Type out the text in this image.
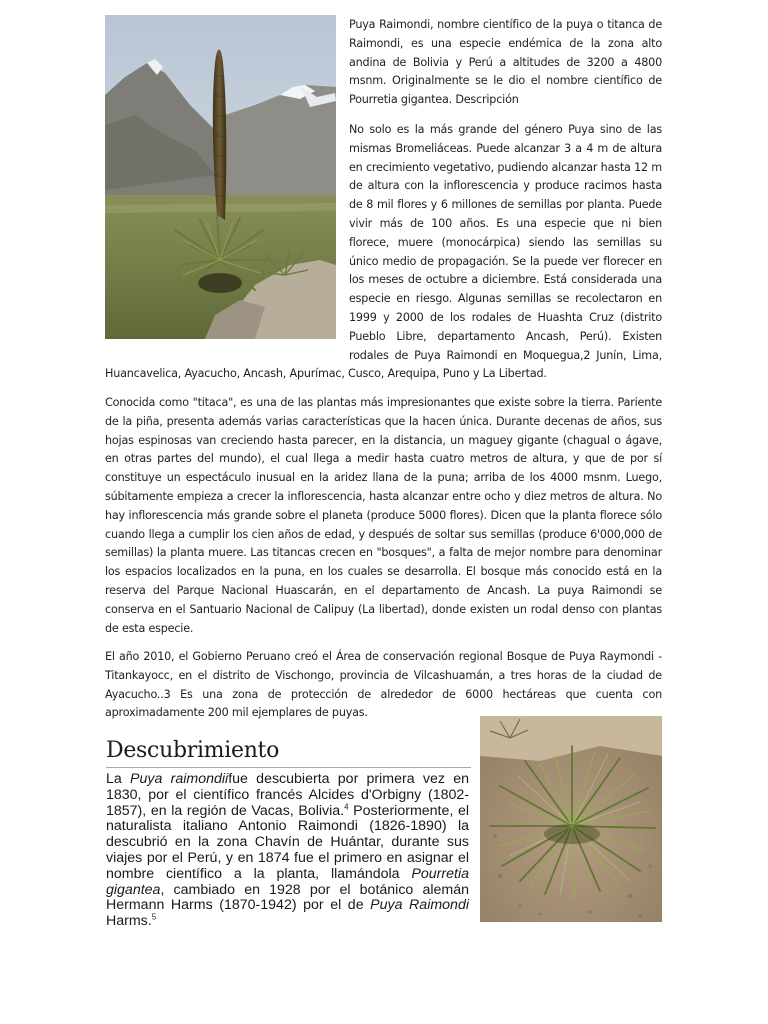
Puya Raimondi, nombre científico de la puya o titanca de Raimondi, es una especie endémica de la zona alto andina de Bolivia y Perú a altitudes de 3200 a 4800 msnm. Originalmente se le dio el nombre científico de Pourretia gigantea. Descripción

No solo es la más grande del género Puya sino de las mismas Bromeliáceas. Puede alcanzar 3 a 4 m de altura en crecimiento vegetativo, pudiendo alcanzar hasta 12 m de altura con la inflorescencia y produce racimos hasta de 8 mil flores y 6 millones de semillas por planta. Puede vivir más de 100 años. Es una especie que ni bien florece, muere (monocárpica) siendo las semillas su único medio de propagación. Se la puede ver florecer en los meses de octubre a diciembre. Está considerada una especie en riesgo. Algunas semillas se recolectaron en 1999 y 2000 de los rodales de Huashta Cruz (distrito Pueblo Libre, departamento Ancash, Perú). Existen rodales de Puya Raimondi en Moquegua,2 Junín, Lima, Huancavelica, Ayacucho, Ancash, Apurímac, Cusco, Arequipa, Puno y La Libertad.

Conocida como "titaca", es una de las plantas más impresionantes que existe sobre la tierra. Pariente de la piña, presenta además varias características que la hacen única. Durante decenas de años, sus hojas espinosas van creciendo hasta parecer, en la distancia, un maguey gigante (chagual o ágave, en otras partes del mundo), el cual llega a medir hasta cuatro metros de altura, y que de por sí constituye un espectáculo inusual en la aridez llana de la puna; arriba de los 4000 msnm. Luego, súbitamente empieza a crecer la inflorescencia, hasta alcanzar entre ocho y diez metros de altura. No hay inflorescencia más grande sobre el planeta (produce 5000 flores). Dicen que la planta florece sólo cuando llega a cumplir los cien años de edad, y después de soltar sus semillas (produce 6'000,000 de semillas) la planta muere. Las titancas crecen en "bosques", a falta de mejor nombre para denominar los espacios localizados en la puna, en los cuales se desarrolla. El bosque más conocido está en la reserva del Parque Nacional Huascarán, en el departamento de Ancash. La puya Raimondi se conserva en el Santuario Nacional de Calipuy (La libertad), donde existen un rodal denso con plantas de esta especie.

El año 2010, el Gobierno Peruano creó el Área de conservación regional Bosque de Puya Raymondi - Titankayocc, en el distrito de Vischongo, provincia de Vilcashuamán, a tres horas de la ciudad de Ayacucho..3 Es una zona de protección de alrededor de 6000 hectáreas que cuenta con aproximadamente 200 mil ejemplares de puyas.

Descubrimiento

La Puya raimondiifue descubierta por primera vez en 1830, por el científico francés Alcides d'Orbigny (1802-1857), en la región de Vacas, Bolivia.$^4$ Posteriormente, el naturalista italiano Antonio Raimondi (1826-1890) la descubrió en la zona Chavín de Huántar, durante sus viajes por el Perú, y en 1874 fue el primero en asignar el nombre científico a la planta, llamándola Pourretia gigantea, cambiado en 1928 por el botánico alemán Hermann Harms (1870-1942) por el de Puya Raimondi Harms.$^5$
